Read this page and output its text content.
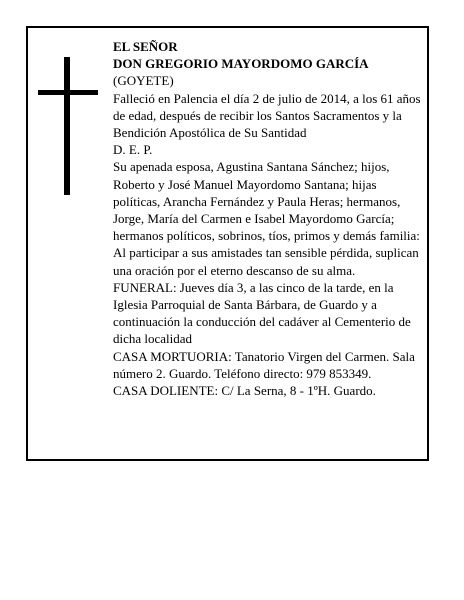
EL SEÑOR
DON GREGORIO MAYORDOMO GARCÍA
(GOYETE)
Falleció en Palencia el día 2 de julio de 2014, a los 61 años de edad, después de recibir los Santos Sacramentos y la Bendición Apostólica de Su Santidad
D. E. P.
Su apenada esposa, Agustina Santana Sánchez; hijos, Roberto y José Manuel Mayordomo Santana; hijas políticas, Arancha Fernández y Paula Heras; hermanos, Jorge, María del Carmen e Isabel Mayordomo García; hermanos políticos, sobrinos, tíos, primos y demás familia:
Al participar a sus amistades tan sensible pérdida, suplican una oración por el eterno descanso de su alma.
FUNERAL: Jueves día 3, a las cinco de la tarde, en la Iglesia Parroquial de Santa Bárbara, de Guardo y a continuación la conducción del cadáver al Cementerio de dicha localidad
CASA MORTUORIA: Tanatorio Virgen del Carmen. Sala número 2. Guardo. Teléfono directo: 979 853349.
CASA DOLIENTE: C/ La Serna, 8 - 1ºH. Guardo.
